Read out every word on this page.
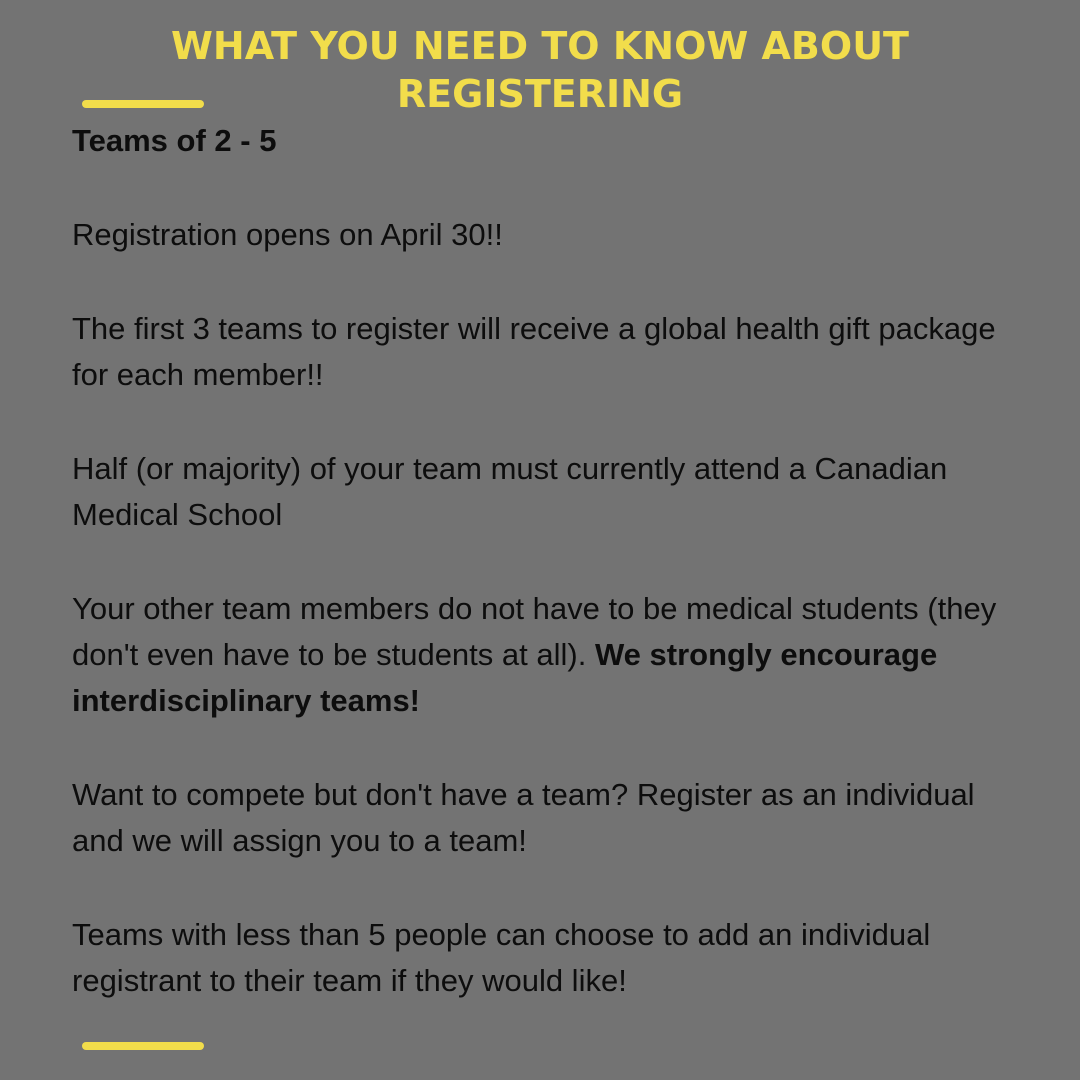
WHAT YOU NEED TO KNOW ABOUT REGISTERING

Teams of 2 - 5

Registration opens on April 30!!

The first 3 teams to register will receive a global health gift package for each member!!

Half (or majority) of your team must currently attend a Canadian Medical School

Your other team members do not have to be medical students (they don't even have to be students at all). We strongly encourage interdisciplinary teams!

Want to compete but don't have a team? Register as an individual and we will assign you to a team!

Teams with less than 5 people can choose to add an individual registrant to their team if they would like!
